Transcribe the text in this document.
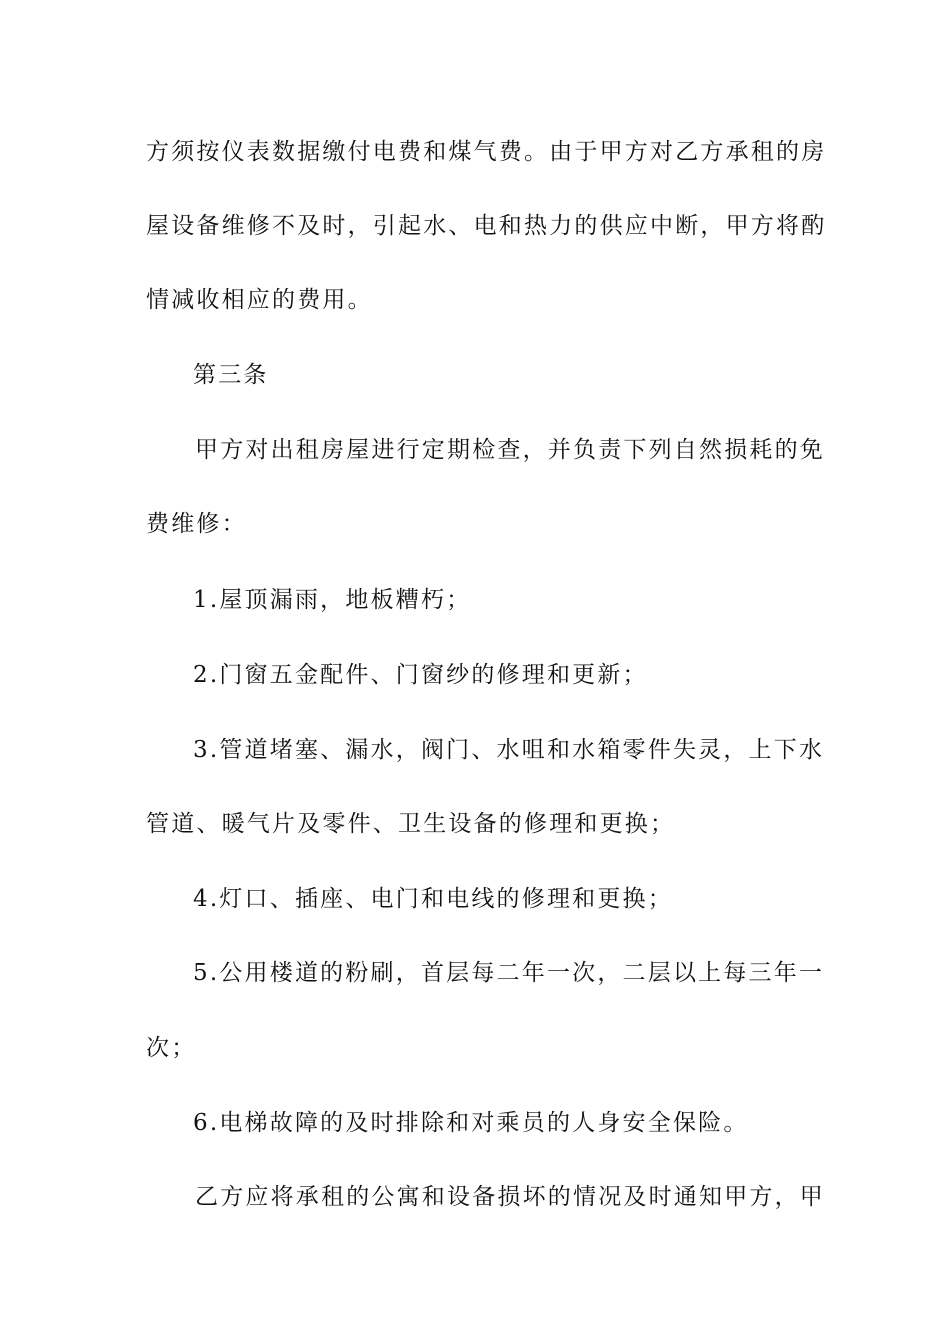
方须按仪表数据缴付电费和煤气费。由于甲方对乙方承租的房
屋设备维修不及时，引起水、电和热力的供应中断，甲方将酌
情减收相应的费用。
第三条
甲方对出租房屋进行定期检查，并负责下列自然损耗的免
费维修：
1.屋顶漏雨，地板糟朽；
2.门窗五金配件、门窗纱的修理和更新；
3.管道堵塞、漏水，阀门、水咀和水箱零件失灵，上下水
管道、暖气片及零件、卫生设备的修理和更换；
4.灯口、插座、电门和电线的修理和更换；
5.公用楼道的粉刷，首层每二年一次，二层以上每三年一
次；
6.电梯故障的及时排除和对乘员的人身安全保险。
乙方应将承租的公寓和设备损坏的情况及时通知甲方，甲
